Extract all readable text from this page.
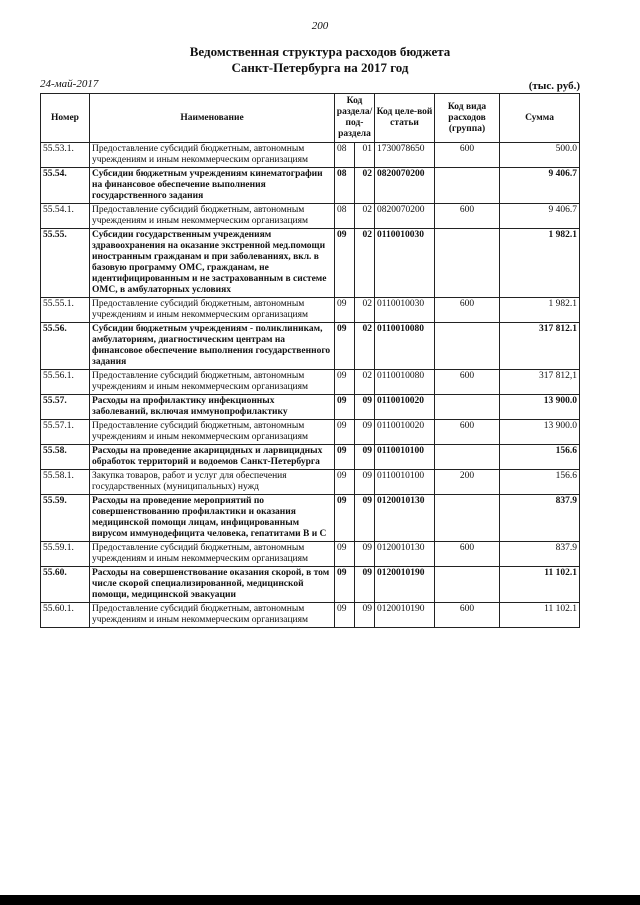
200
Ведомственная структура расходов бюджета
Санкт-Петербурга на 2017 год
24-май-2017	(тыс. руб.)
Номер	Наименование	Код раздела/ под-раздела		Код целе-вой статьи	Код вида расходов (группа)	Сумма
55.53.1.	Предоставление субсидий бюджетным, автономным учреждениям и иным некоммерческим организациям	08	01	1730078650	600	500.0
55.54.	Субсидии бюджетным учреждениям кинематографии на финансовое обеспечение выполнения государственного задания	08	02	0820070200		9 406.7
55.54.1.	Предоставление субсидий бюджетным, автономным учреждениям и иным некоммерческим организациям	08	02	0820070200	600	9 406.7
55.55.	Субсидии государственным учреждениям здравоохранения на оказание экстренной мед.помощи иностранным гражданам и при заболеваниях, вкл. в базовую программу ОМС, гражданам, не идентифицированным и не застрахованным в системе ОМС, в амбулаторных условиях	09	02	0110010030		1 982.1
55.55.1.	Предоставление субсидий бюджетным, автономным учреждениям и иным некоммерческим организациям	09	02	0110010030	600	1 982.1
55.56.	Субсидии бюджетным учреждениям - поликлиникам, амбулаториям, диагностическим центрам на финансовое обеспечение выполнения государственного задания	09	02	0110010080		317 812.1
55.56.1.	Предоставление субсидий бюджетным, автономным учреждениям и иным некоммерческим организациям	09	02	0110010080	600	317 812,1
55.57.	Расходы на профилактику инфекционных заболеваний, включая иммунопрофилактику	09	09	0110010020		13 900.0
55.57.1.	Предоставление субсидий бюджетным, автономным учреждениям и иным некоммерческим организациям	09	09	0110010020	600	13 900.0
55.58.	Расходы на проведение акарицидных и ларвицидных обработок территорий и водоемов Санкт-Петербурга	09	09	0110010100		156.6
55.58.1.	Закупка товаров, работ и услуг для обеспечения государственных (муниципальных) нужд	09	09	0110010100	200	156.6
55.59.	Расходы на проведение мероприятий по совершенствованию профилактики и оказания медицинской помощи лицам, инфицированным вирусом иммунодефицита человека, гепатитами В и С	09	09	0120010130		837.9
55.59.1.	Предоставление субсидий бюджетным, автономным учреждениям и иным некоммерческим организациям	09	09	0120010130	600	837.9
55.60.	Расходы на совершенствование оказания скорой, в том числе скорой специализированной, медицинской помощи, медицинской эвакуации	09	09	0120010190		11 102.1
55.60.1.	Предоставление субсидий бюджетным, автономным учреждениям и иным некоммерческим организациям	09	09	0120010190	600	11 102.1
